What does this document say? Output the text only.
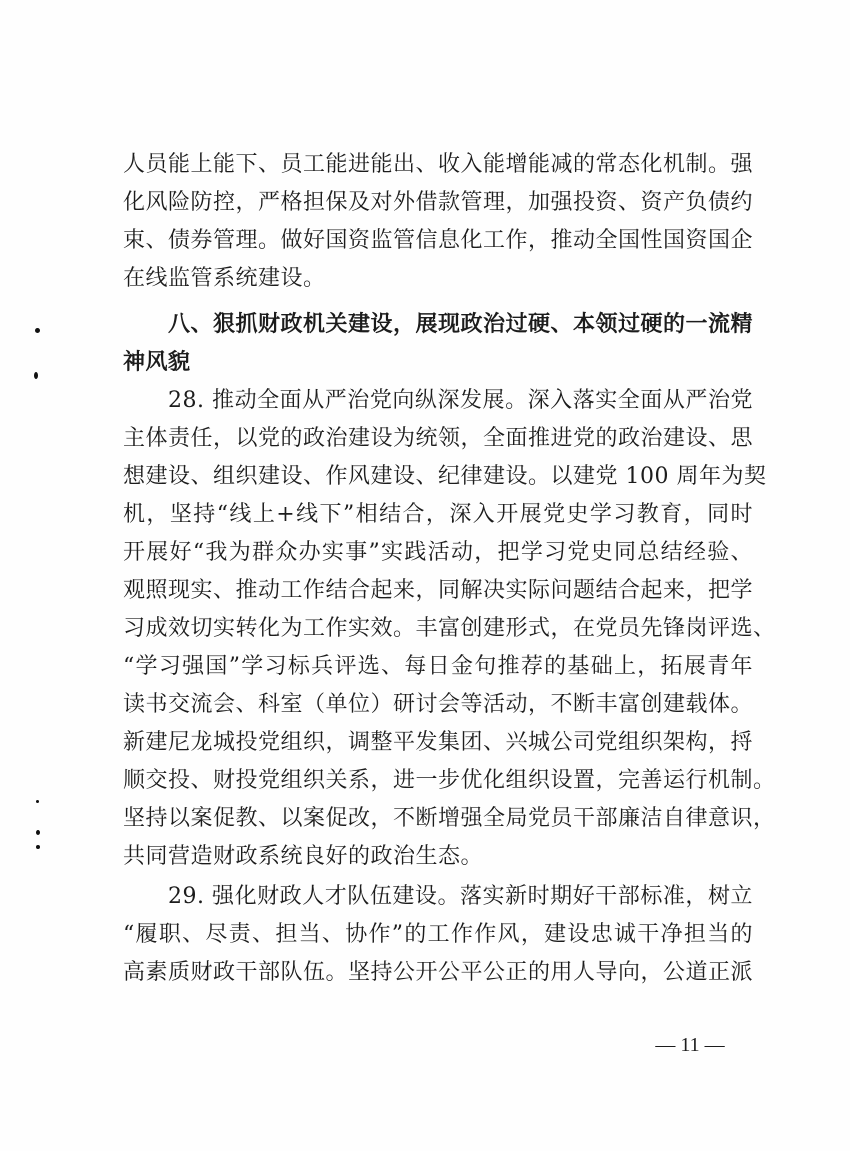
人员能上能下、员工能进能出、收入能增能减的常态化机制。强
化风险防控，严格担保及对外借款管理，加强投资、资产负债约
束、债券管理。做好国资监管信息化工作，推动全国性国资国企
在线监管系统建设。
八、狠抓财政机关建设，展现政治过硬、本领过硬的一流精
神风貌
28. 推动全面从严治党向纵深发展。深入落实全面从严治党
主体责任，以党的政治建设为统领，全面推进党的政治建设、思
想建设、组织建设、作风建设、纪律建设。以建党 100 周年为契
机，坚持“线上+线下”相结合，深入开展党史学习教育，同时
开展好“我为群众办实事”实践活动，把学习党史同总结经验、
观照现实、推动工作结合起来，同解决实际问题结合起来，把学
习成效切实转化为工作实效。丰富创建形式，在党员先锋岗评选、
“学习强国”学习标兵评选、每日金句推荐的基础上，拓展青年
读书交流会、科室（单位）研讨会等活动，不断丰富创建载体。
新建尼龙城投党组织，调整平发集团、兴城公司党组织架构，捋
顺交投、财投党组织关系，进一步优化组织设置，完善运行机制。
坚持以案促教、以案促改，不断增强全局党员干部廉洁自律意识，
共同营造财政系统良好的政治生态。
29. 强化财政人才队伍建设。落实新时期好干部标准，树立
“履职、尽责、担当、协作”的工作作风，建设忠诚干净担当的
高素质财政干部队伍。坚持公开公平公正的用人导向，公道正派
— 11 —
